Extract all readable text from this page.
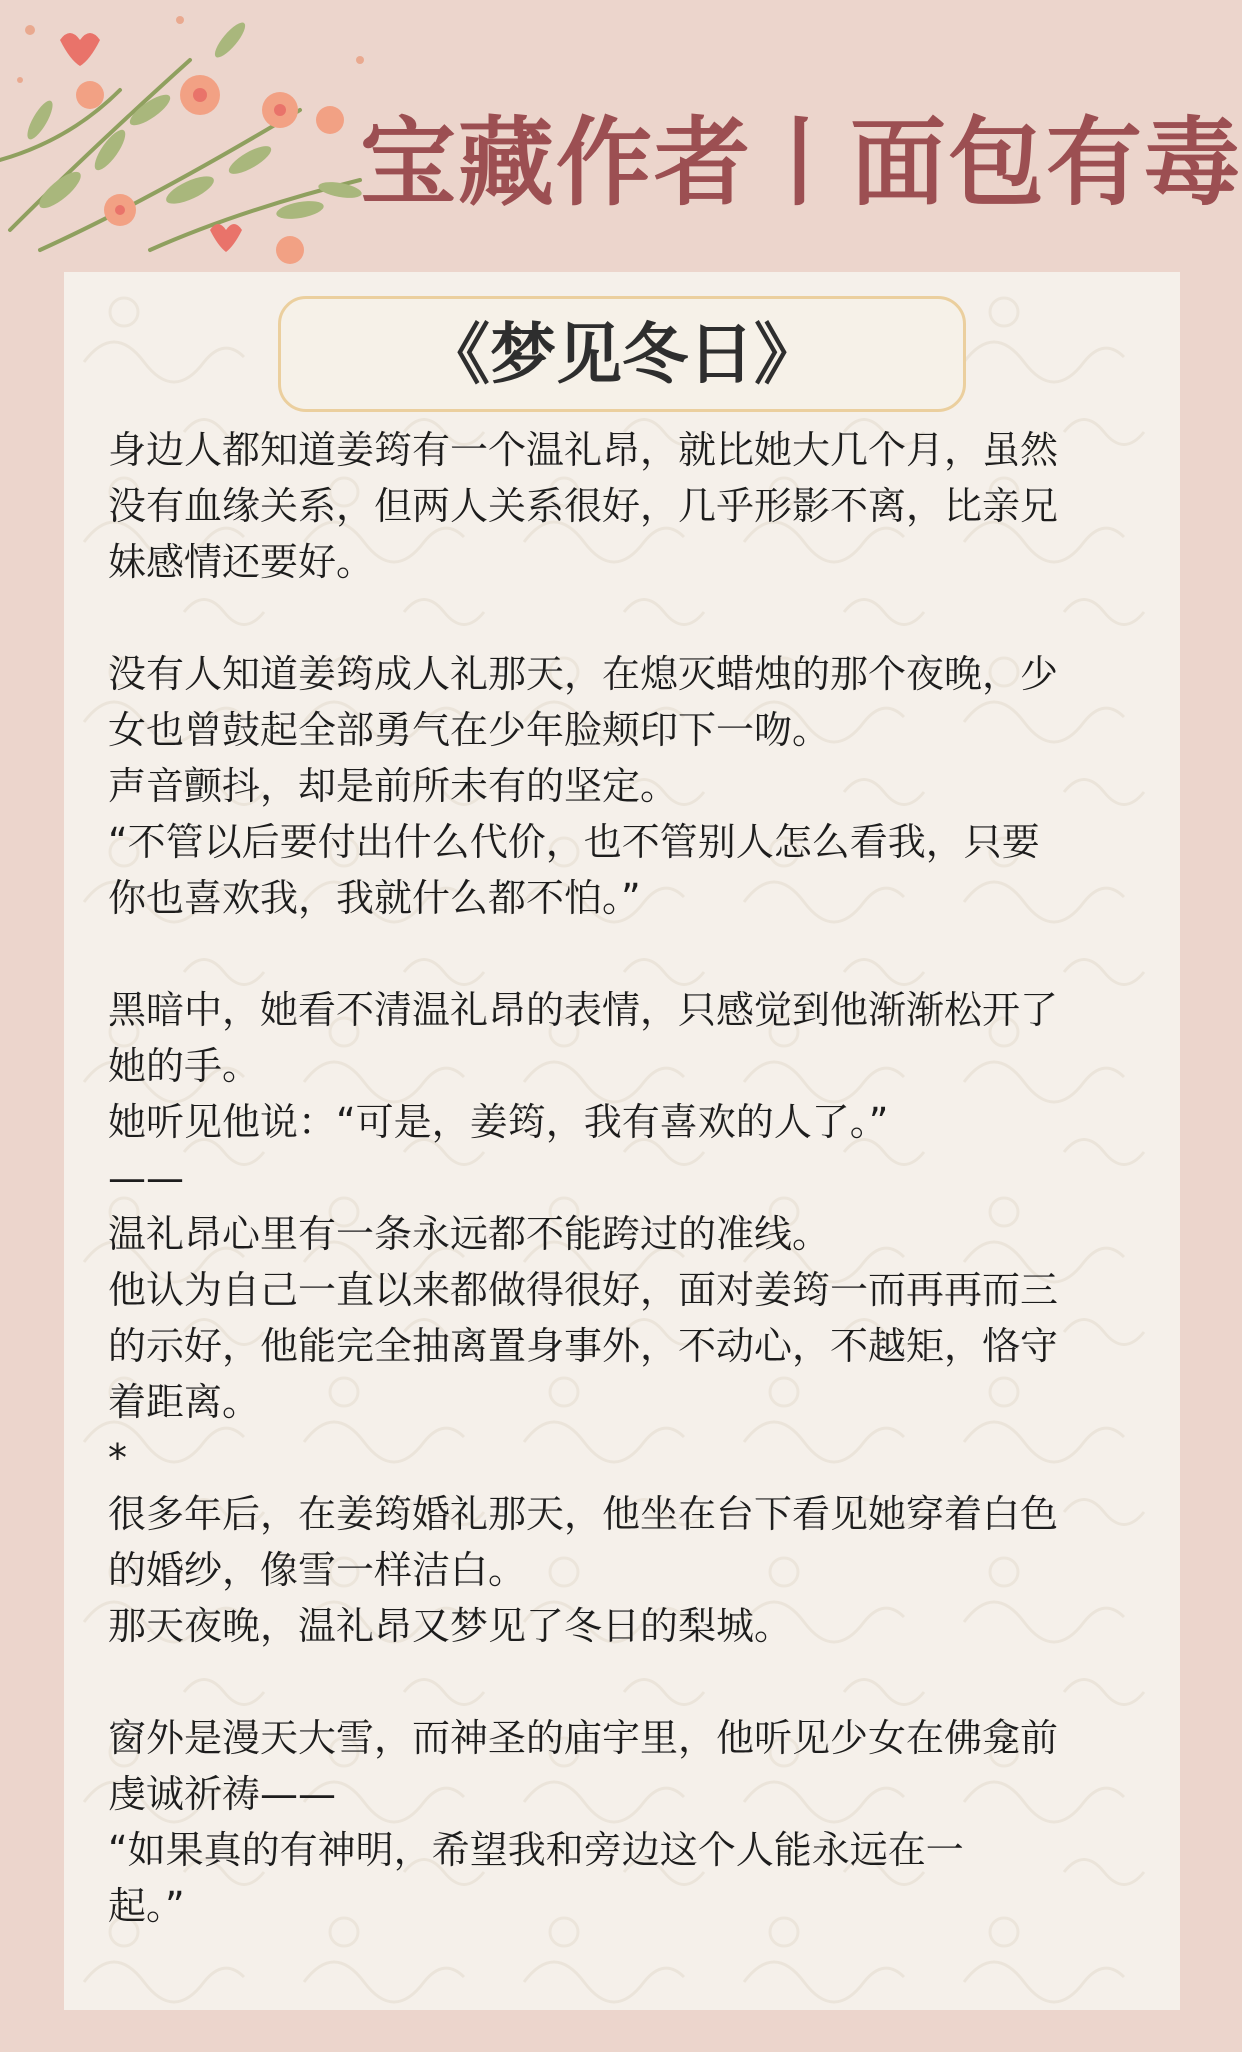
宝藏作者丨面包有毒
《梦见冬日》
身边人都知道姜筠有一个温礼昂，就比她大几个月，虽然
没有血缘关系，但两人关系很好，几乎形影不离，比亲兄
妹感情还要好。
没有人知道姜筠成人礼那天，在熄灭蜡烛的那个夜晚，少
女也曾鼓起全部勇气在少年脸颊印下一吻。
声音颤抖，却是前所未有的坚定。
“不管以后要付出什么代价，也不管别人怎么看我，只要
你也喜欢我，我就什么都不怕。”
黑暗中，她看不清温礼昂的表情，只感觉到他渐渐松开了
她的手。
她听见他说：“可是，姜筠，我有喜欢的人了。”
——
温礼昂心里有一条永远都不能跨过的准线。
他认为自己一直以来都做得很好，面对姜筠一而再再而三
的示好，他能完全抽离置身事外，不动心，不越矩，恪守
着距离。
*
很多年后，在姜筠婚礼那天，他坐在台下看见她穿着白色
的婚纱，像雪一样洁白。
那天夜晚，温礼昂又梦见了冬日的梨城。
窗外是漫天大雪，而神圣的庙宇里，他听见少女在佛龛前
虔诚祈祷——
“如果真的有神明，希望我和旁边这个人能永远在一
起。”
